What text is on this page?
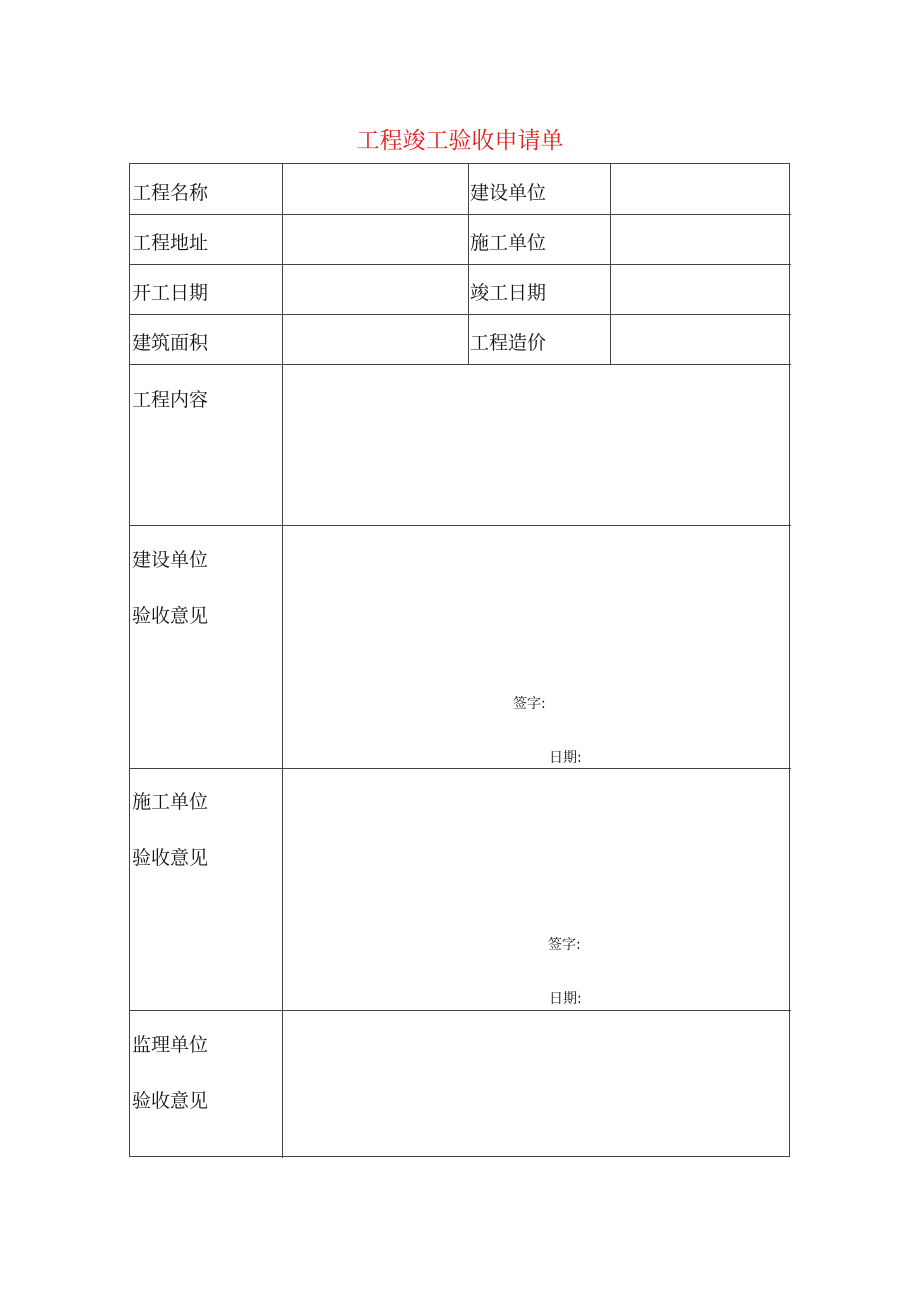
工程竣工验收申请单
工程名称	建设单位
工程地址	施工单位
开工日期	竣工日期
建筑面积	工程造价
工程内容
建设单位
验收意见
签字:
日期:
施工单位
验收意见
签字:
日期:
监理单位
验收意见
